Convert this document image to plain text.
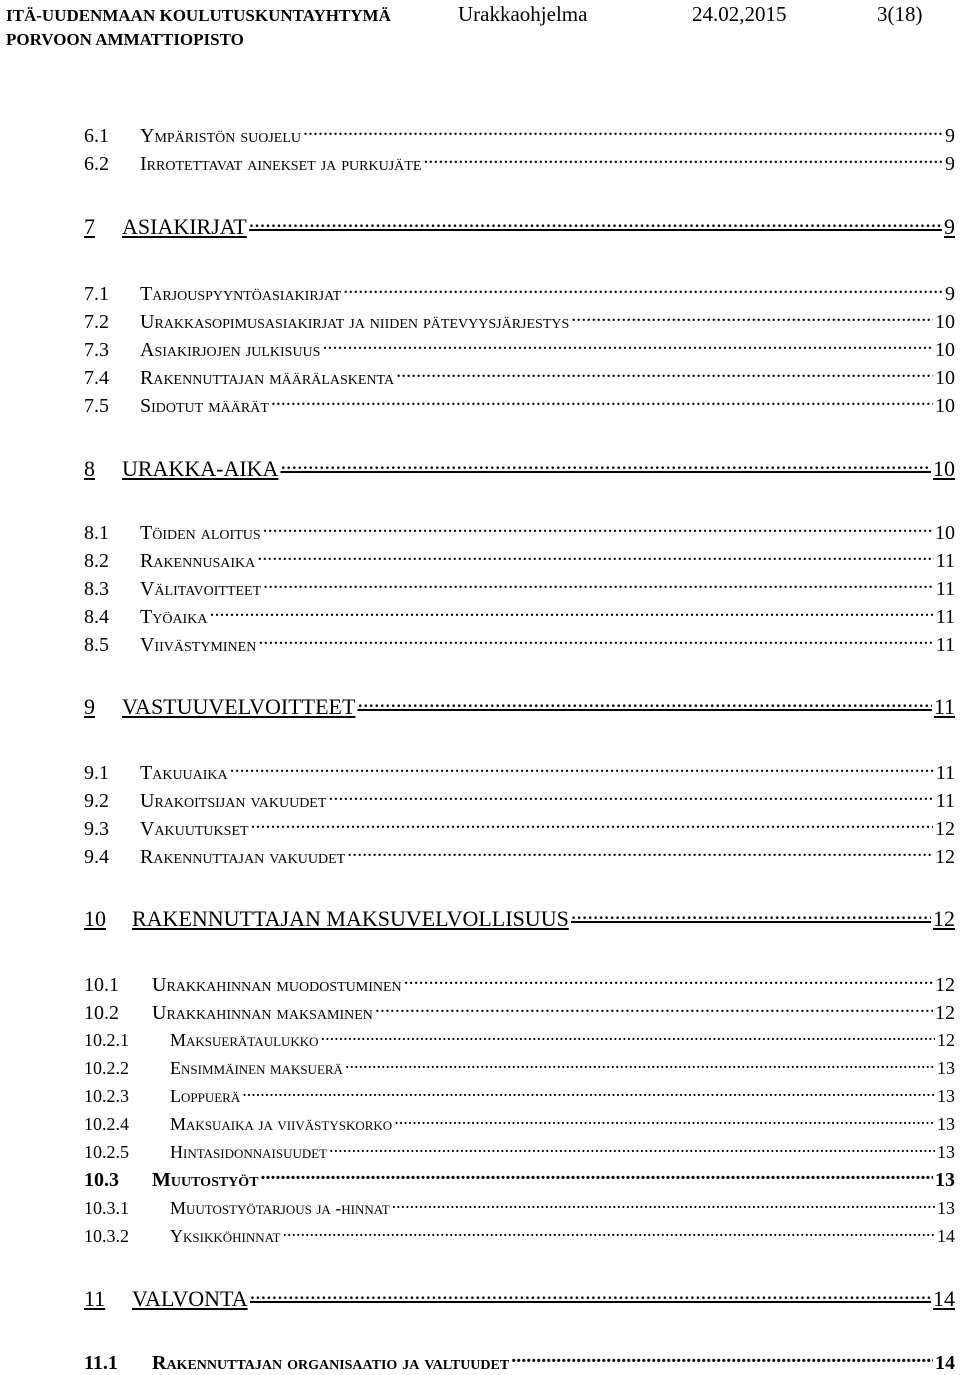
ITÄ-UUDENMAAN KOULUTUSKUNTAYHTYMÄ
PORVOON AMMATTIOPISTO
Urakkaohjelma	24.02,2015	3(18)
6.1	Ympäristön suojelu .....	9
6.2	Irrotettavat ainekset ja purkujäte .....	9
7	ASIAKIRJAT .....	9
7.1	Tarjouspyyntöasiakirjat .....	9
7.2	Urakkasopimusasiakirjat ja niiden pätevyysjärjestys .....	10
7.3	Asiakirjojen julkisuus .....	10
7.4	Rakennuttajan määrälaskenta .....	10
7.5	Sidotut määrät .....	10
8	URAKKA-AIKA .....	10
8.1	Töiden aloitus .....	10
8.2	Rakennusaika .....	11
8.3	Välitavoitteet .....	11
8.4	Työaika .....	11
8.5	Viivästyminen .....	11
9	VASTUUVELVOITTEET .....	11
9.1	Takuuaika .....	11
9.2	Urakoitsijan vakuudet .....	11
9.3	Vakuutukset .....	12
9.4	Rakennuttajan vakuudet .....	12
10	RAKENNUTTAJAN MAKSUVELVOLLISUUS .....	12
10.1	Urakkahinnan muodostuminen .....	12
10.2	Urakkahinnan maksaminen .....	12
10.2.1	Maksuerätaulukko .....	12
10.2.2	Ensimmäinen maksuerä .....	13
10.2.3	Loppuerä .....	13
10.2.4	Maksuaika ja viivästyskorko .....	13
10.2.5	Hintasidonnaisuudet .....	13
10.3	Muutostyöt .....	13
10.3.1	Muutostyötarjous ja -hinnat .....	13
10.3.2	Yksikköhinnat .....	14
11	VALVONTA .....	14
11.1	Rakennuttajan organisaatio ja valtuudet .....	14
